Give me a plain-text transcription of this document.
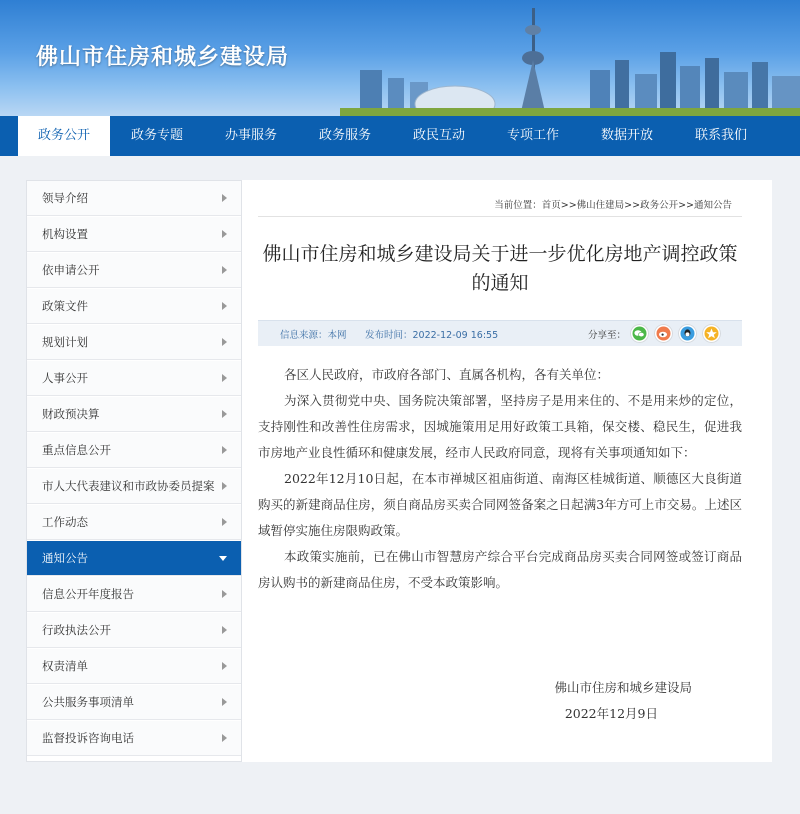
佛山市住房和城乡建设局
政务公开	政务专题	办事服务	政务服务	政民互动	专项工作	数据开放	联系我们
领导介绍
机构设置
依申请公开
政策文件
规划计划
人事公开
财政预决算
重点信息公开
市人大代表建议和市政协委员提案
工作动态
通知公告
信息公开年度报告
行政执法公开
权责清单
公共服务事项清单
监督投诉咨询电话
当前位置：首页>>佛山住建局>>政务公开>>通知公告
佛山市住房和城乡建设局关于进一步优化房地产调控政策的通知
信息来源：本网 发布时间：2022-12-09 16:55	分享至：

各区人民政府，市政府各部门、直属各机构，各有关单位：

为深入贯彻党中央、国务院决策部署，坚持房子是用来住的、不是用来炒的定位，支持刚性和改善性住房需求，因城施策用足用好政策工具箱，保交楼、稳民生，促进我市房地产业良性循环和健康发展，经市人民政府同意，现将有关事项通知如下：

2022年12月10日起，在本市禅城区祖庙街道、南海区桂城街道、顺德区大良街道购买的新建商品住房，须自商品房买卖合同网签备案之日起满3年方可上市交易。上述区域暂停实施住房限购政策。

本政策实施前，已在佛山市智慧房产综合平台完成商品房买卖合同网签或签订商品房认购书的新建商品住房，不受本政策影响。

佛山市住房和城乡建设局
2022年12月9日
